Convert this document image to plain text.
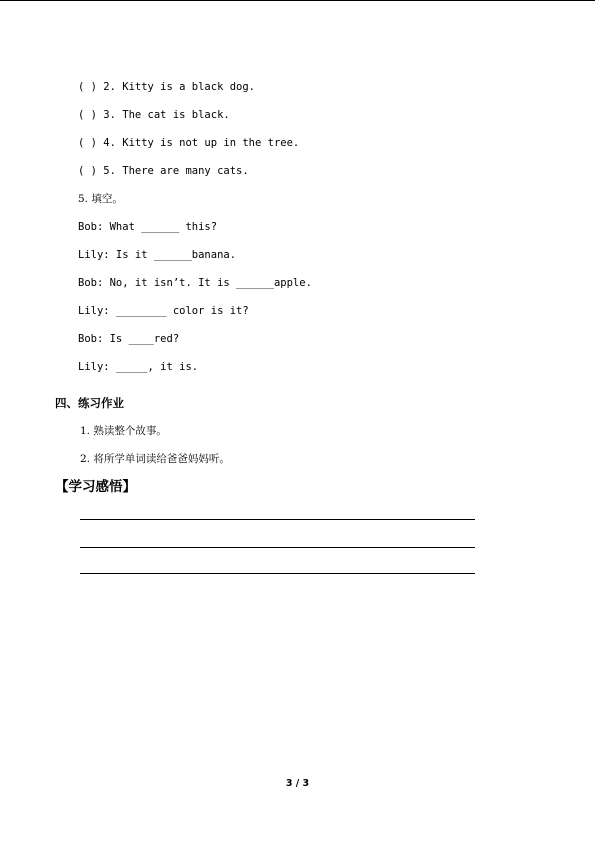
( ) 2. Kitty is a black dog.
( ) 3. The cat is black.
( ) 4. Kitty is not up in the tree.
( ) 5. There are many cats.
5. 填空。
Bob: What ______ this?
Lily: Is it ______banana.
Bob: No, it isn’t. It is ______apple.
Lily: ________ color is it?
Bob: Is ____red?
Lily: _____, it is.
四、练习作业
1. 熟读整个故事。
2. 将所学单词读给爸爸妈妈听。
【学习感悟】
3 / 3
